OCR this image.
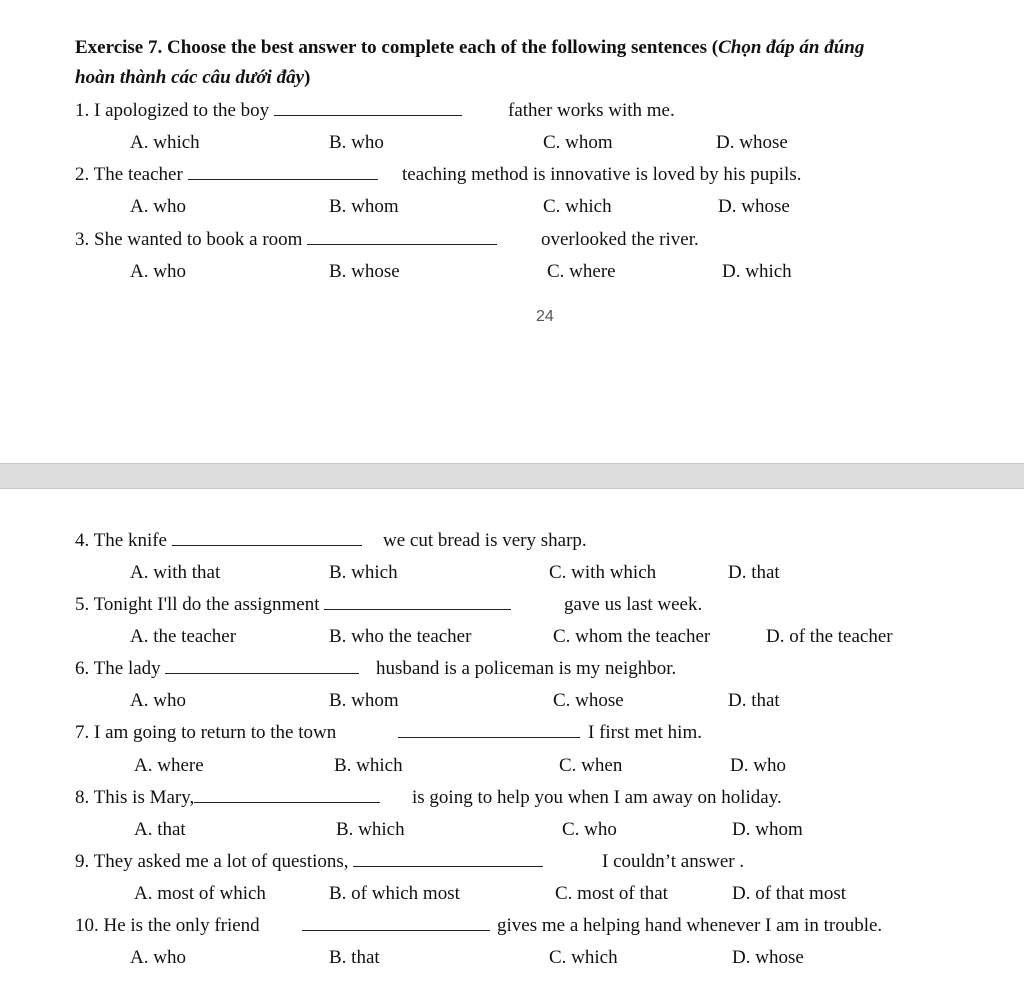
Exercise 7. Choose the best answer to complete each of the following sentences (Chọn đáp án đúng
hoàn thành các câu dưới đây)
1. I apologized to the boy	father works with me.
A. which	B. who	C. whom	D. whose
2. The teacher	teaching method is innovative is loved by his pupils.
A. who	B. whom	C. which	D. whose
3. She wanted to book a room	overlooked the river.
A. who	B. whose	C. where	D. which
24
4. The knife	we cut bread is very sharp.
A. with that	B. which	C. with which	D. that
5. Tonight I'll do the assignment	gave us last week.
A. the teacher	B. who the teacher	C. whom the teacher	D. of the teacher
6. The lady	husband is a policeman is my neighbor.
A. who	B. whom	C. whose	D. that
7. I am going to return to the town	I first met him.
A. where	B. which	C. when	D. who
8. This is Mary,	is going to help you when I am away on holiday.
A. that	B. which	C. who	D. whom
9. They asked me a lot of questions,	I couldn’t answer .
A. most of which	B. of which most	C. most of that	D. of that most
10. He is the only friend	gives me a helping hand whenever I am in trouble.
A. who	B. that	C. which	D. whose
